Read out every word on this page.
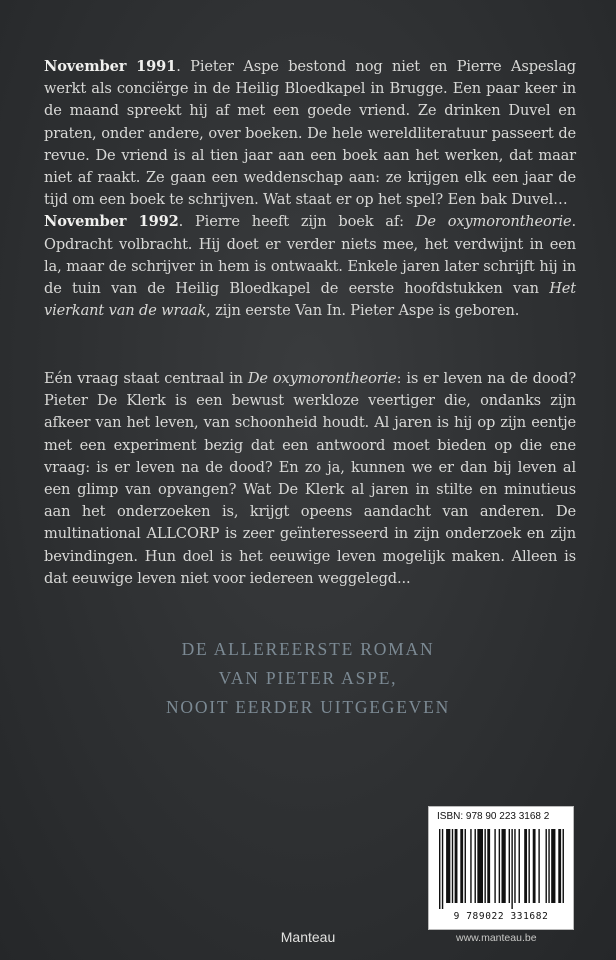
November 1991. Pieter Aspe bestond nog niet en Pierre Aspeslag werkt als conciërge in de Heilig Bloedkapel in Brugge. Een paar keer in de maand spreekt hij af met een goede vriend. Ze drinken Duvel en praten, onder andere, over boeken. De hele wereldliteratuur passeert de revue. De vriend is al tien jaar aan een boek aan het werken, dat maar niet af raakt. Ze gaan een weddenschap aan: ze krijgen elk een jaar de tijd om een boek te schrijven. Wat staat er op het spel? Een bak Duvel…
November 1992. Pierre heeft zijn boek af: De oxymorontheorie. Opdracht volbracht. Hij doet er verder niets mee, het verdwijnt in een la, maar de schrijver in hem is ontwaakt. Enkele jaren later schrijft hij in de tuin van de Heilig Bloedkapel de eerste hoofdstukken van Het vierkant van de wraak, zijn eerste Van In. Pieter Aspe is geboren.

Eén vraag staat centraal in De oxymorontheorie: is er leven na de dood? Pieter De Klerk is een bewust werkloze veertiger die, ondanks zijn afkeer van het leven, van schoonheid houdt. Al jaren is hij op zijn eentje met een experiment bezig dat een antwoord moet bieden op die ene vraag: is er leven na de dood? En zo ja, kunnen we er dan bij leven al een glimp van opvangen? Wat De Klerk al jaren in stilte en minutieus aan het onderzoeken is, krijgt opeens aandacht van anderen. De multinational ALLCORP is zeer geïnteresseerd in zijn onderzoek en zijn bevindingen. Hun doel is het eeuwige leven mogelijk maken. Alleen is dat eeuwige leven niet voor iedereen weggelegd...

DE ALLEREERSTE ROMAN
VAN PIETER ASPE,
NOOIT EERDER UITGEGEVEN
ISBN: 978 90 223 3168 2
9 789022 331682
Manteau	www.manteau.be
